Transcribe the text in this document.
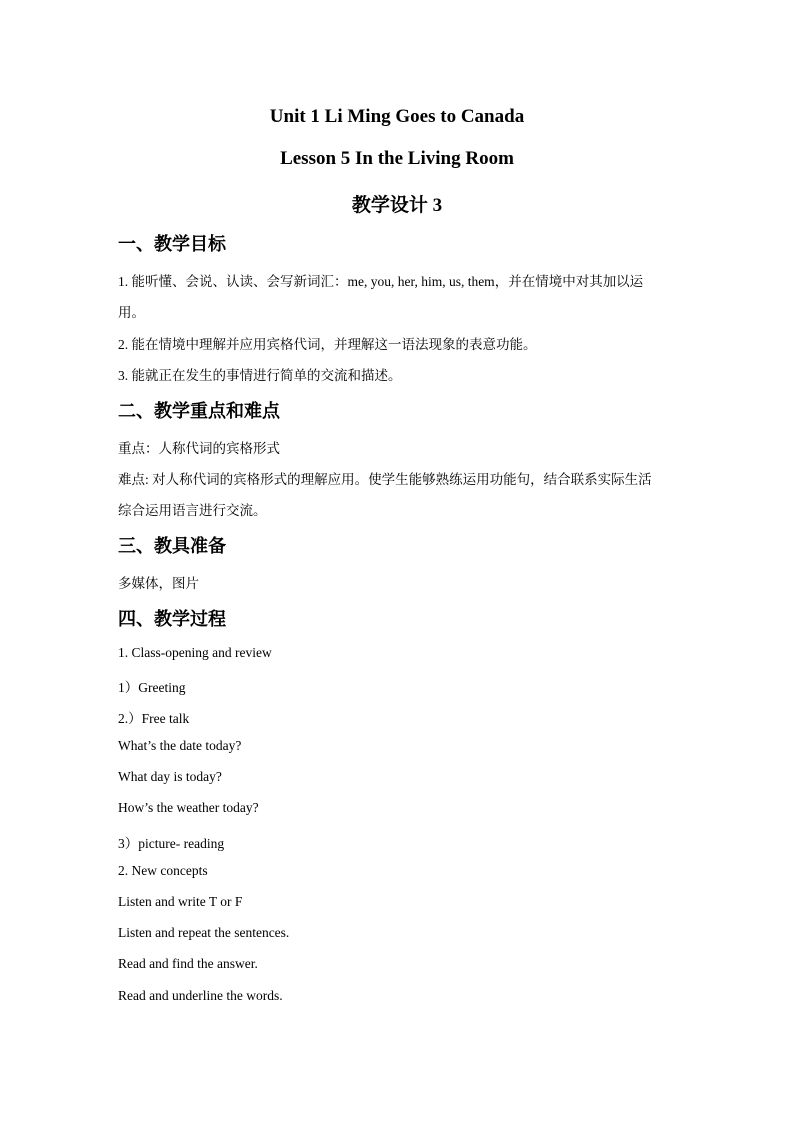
Unit 1 Li Ming Goes to Canada
Lesson 5 In the Living Room
教学设计 3
一、教学目标
1. 能听懂、会说、认读、会写新词汇：me, you, her, him, us, them，并在情境中对其加以运
用。
2. 能在情境中理解并应用宾格代词，并理解这一语法现象的表意功能。
3. 能就正在发生的事情进行简单的交流和描述。
二、教学重点和难点
重点：人称代词的宾格形式
难点: 对人称代词的宾格形式的理解应用。使学生能够熟练运用功能句，结合联系实际生活
综合运用语言进行交流。
三、教具准备
多媒体，图片
四、教学过程
1. Class-opening and review
1）Greeting
2.）Free talk
What’s the date today?
What day is today?
How’s the weather today?
3）picture- reading
2. New concepts
Listen and write T or F
Listen and repeat the sentences.
Read and find the answer.
Read and underline the words.
